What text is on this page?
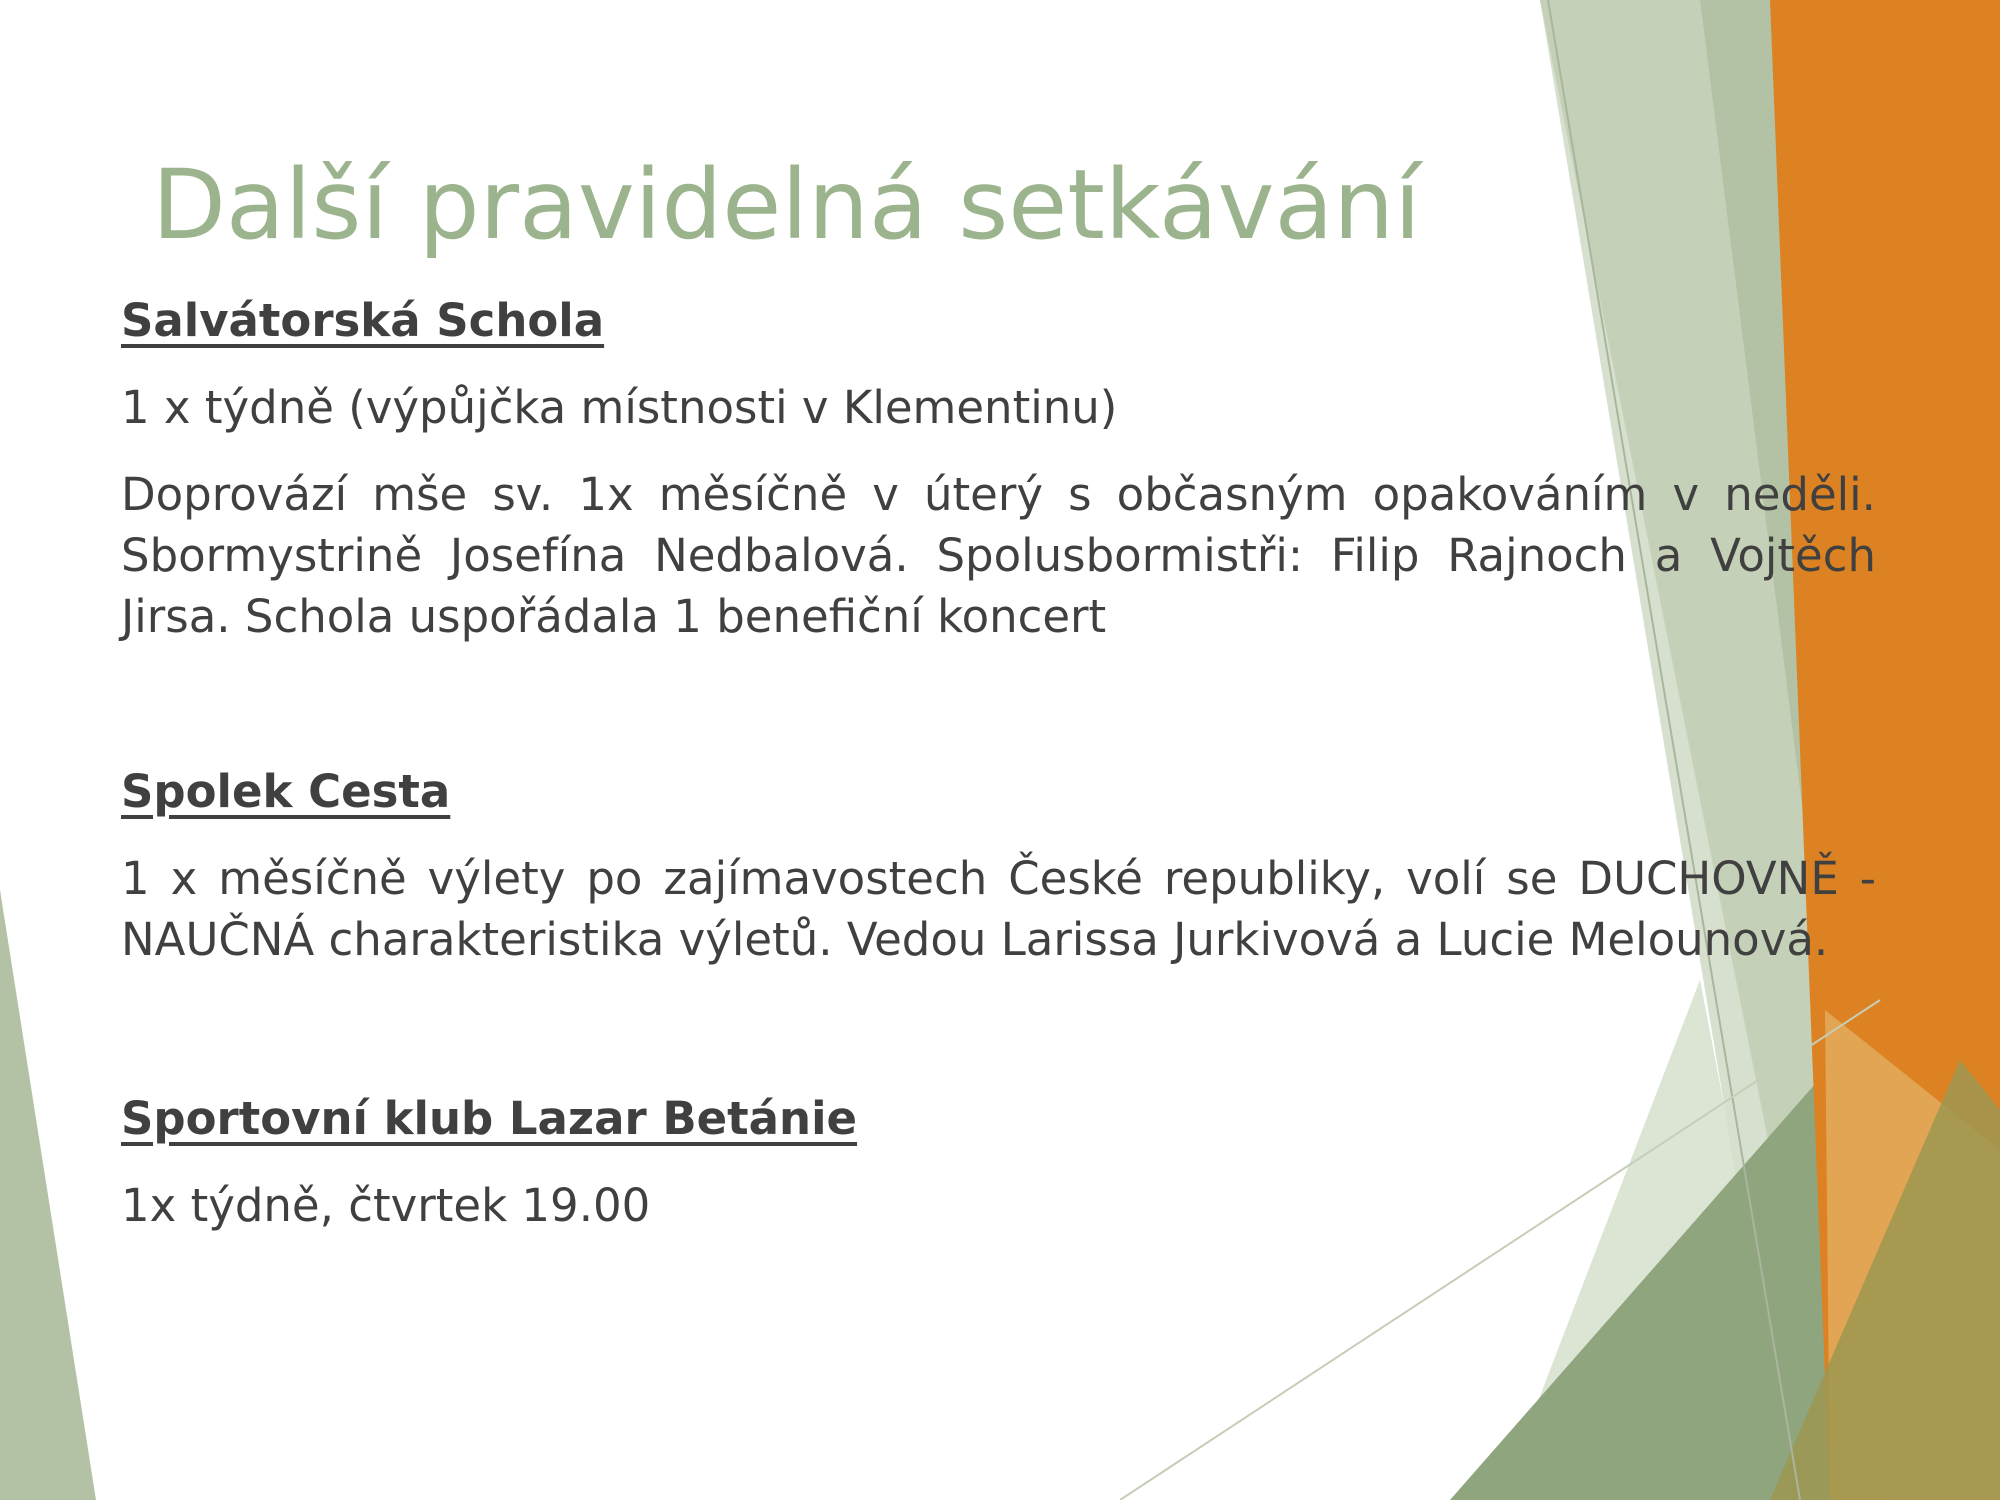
Další pravidelná setkávání

Salvátorská Schola

1 x týdně (výpůjčka místnosti v Klementinu)

Doprovází mše sv. 1x měsíčně v úterý s občasným opakováním v neděli. Sbormystrině Josefína Nedbalová. Spolusbormistři: Filip Rajnoch a Vojtěch Jirsa. Schola uspořádala 1 benefiční koncert

Spolek Cesta

1 x měsíčně výlety po zajímavostech České republiky, volí se DUCHOVNĚ - NAUČNÁ charakteristika výletů. Vedou Larissa Jurkivová a Lucie Melounová.

Sportovní klub Lazar Betánie

1x týdně, čtvrtek 19.00
